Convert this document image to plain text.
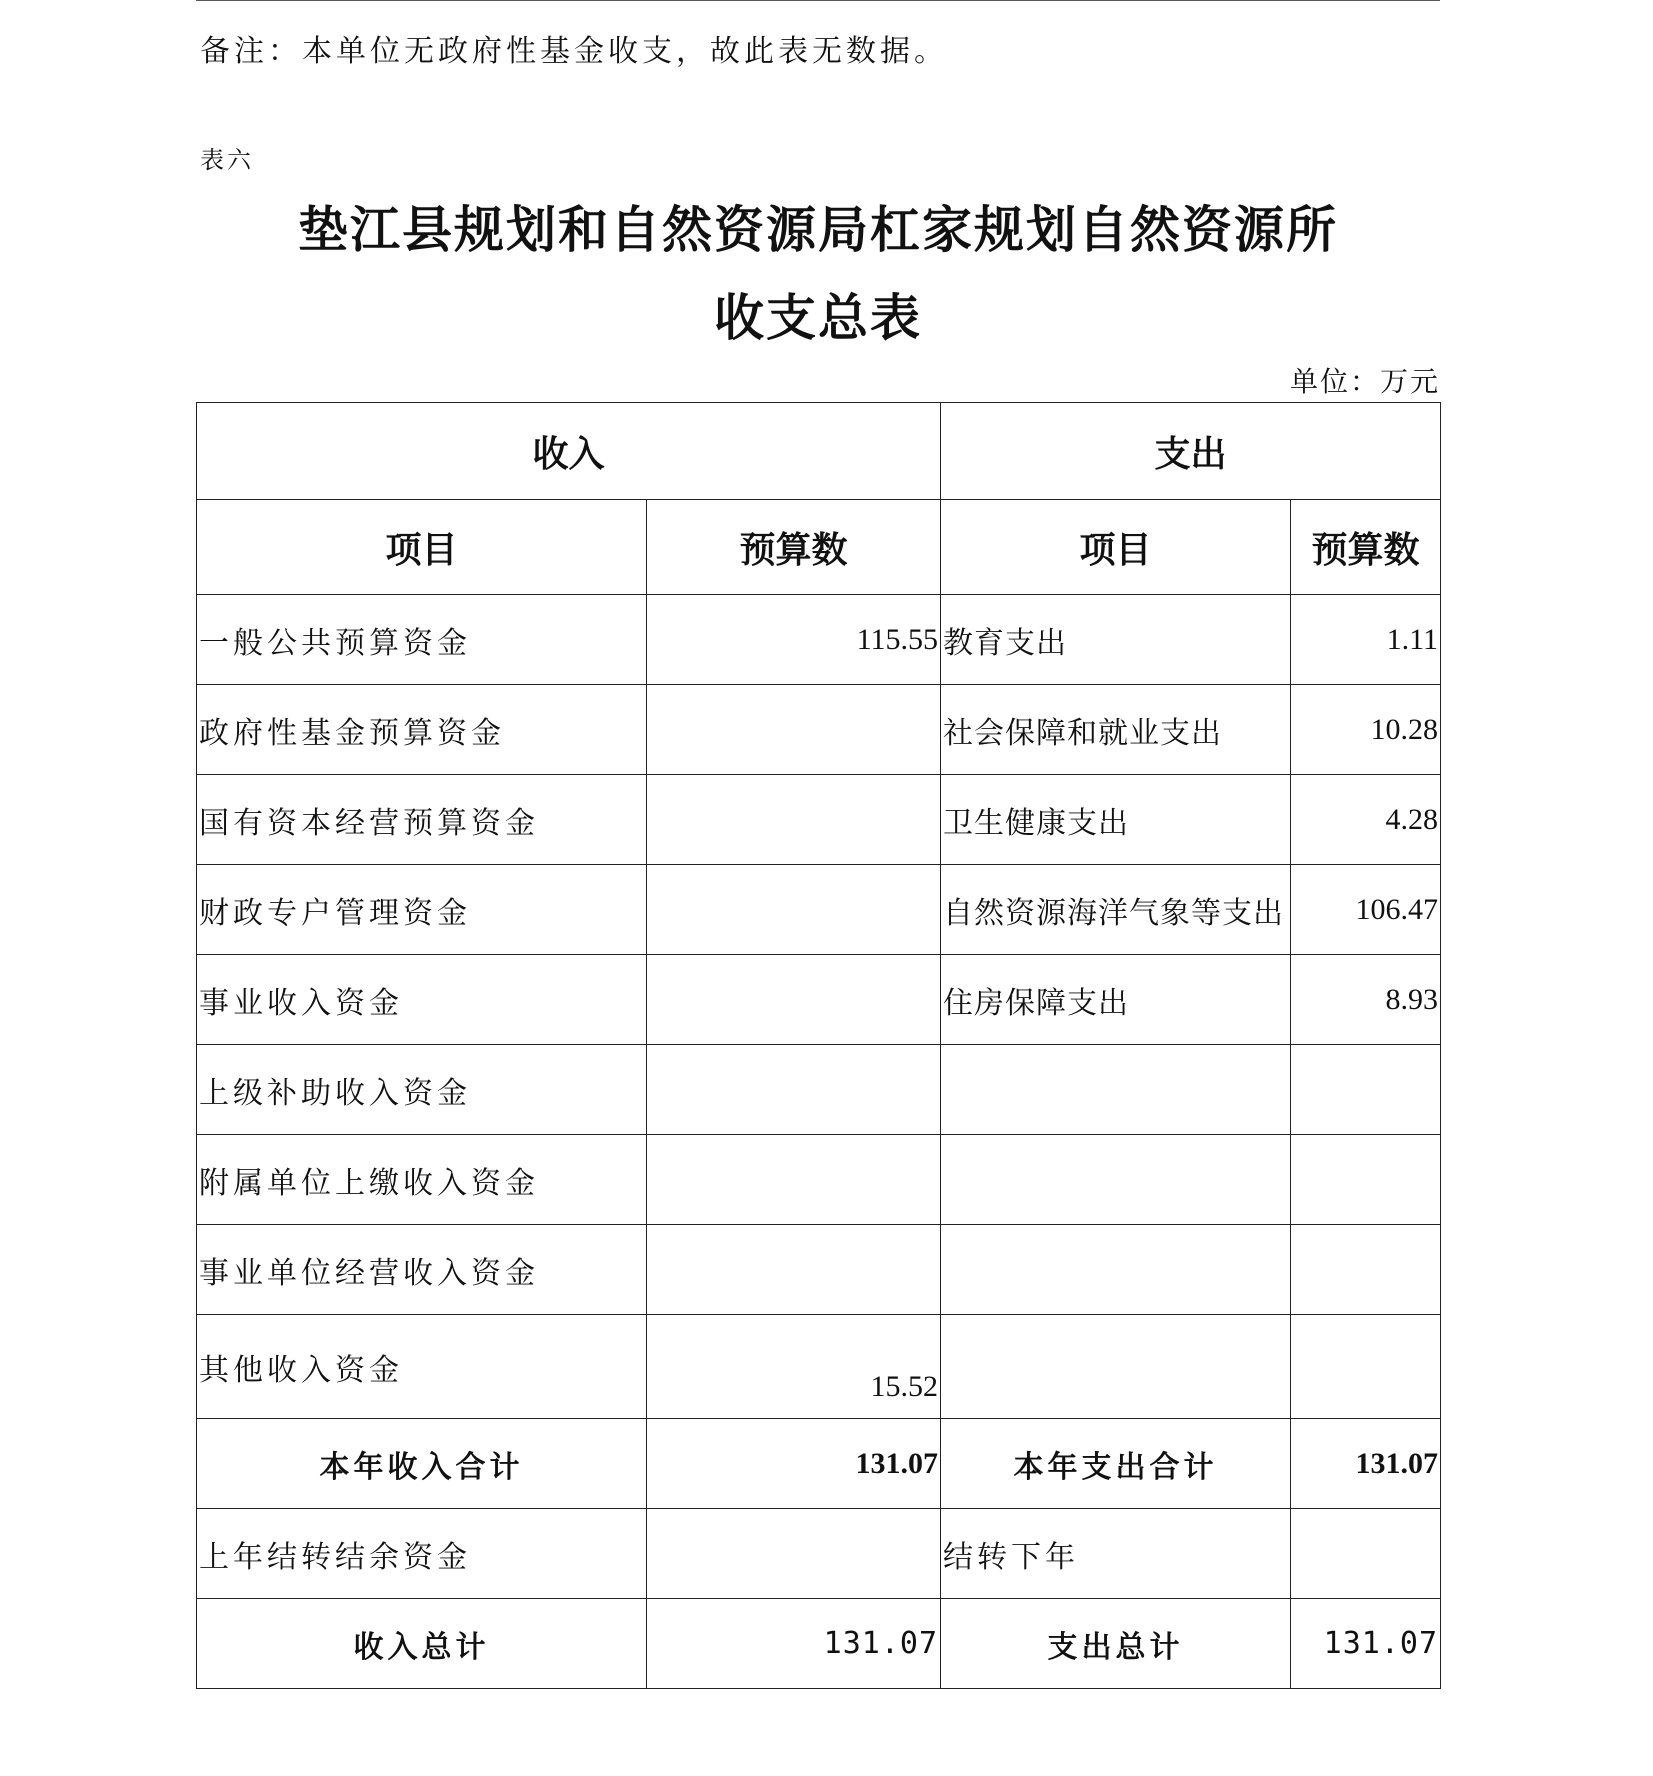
备注：本单位无政府性基金收支，故此表无数据。
表六
垫江县规划和自然资源局杠家规划自然资源所
收支总表
单位：万元
收入		支出	
项目	预算数	项目	预算数
一般公共预算资金	115.55	教育支出	1.11
政府性基金预算资金		社会保障和就业支出	10.28
国有资本经营预算资金		卫生健康支出	4.28
财政专户管理资金		自然资源海洋气象等支出	106.47
事业收入资金		住房保障支出	8.93
上级补助收入资金			
附属单位上缴收入资金			
事业单位经营收入资金			
其他收入资金	15.52		
本年收入合计	131.07	本年支出合计	131.07
上年结转结余资金		结转下年	
收入总计	131.07	支出总计	131.07
